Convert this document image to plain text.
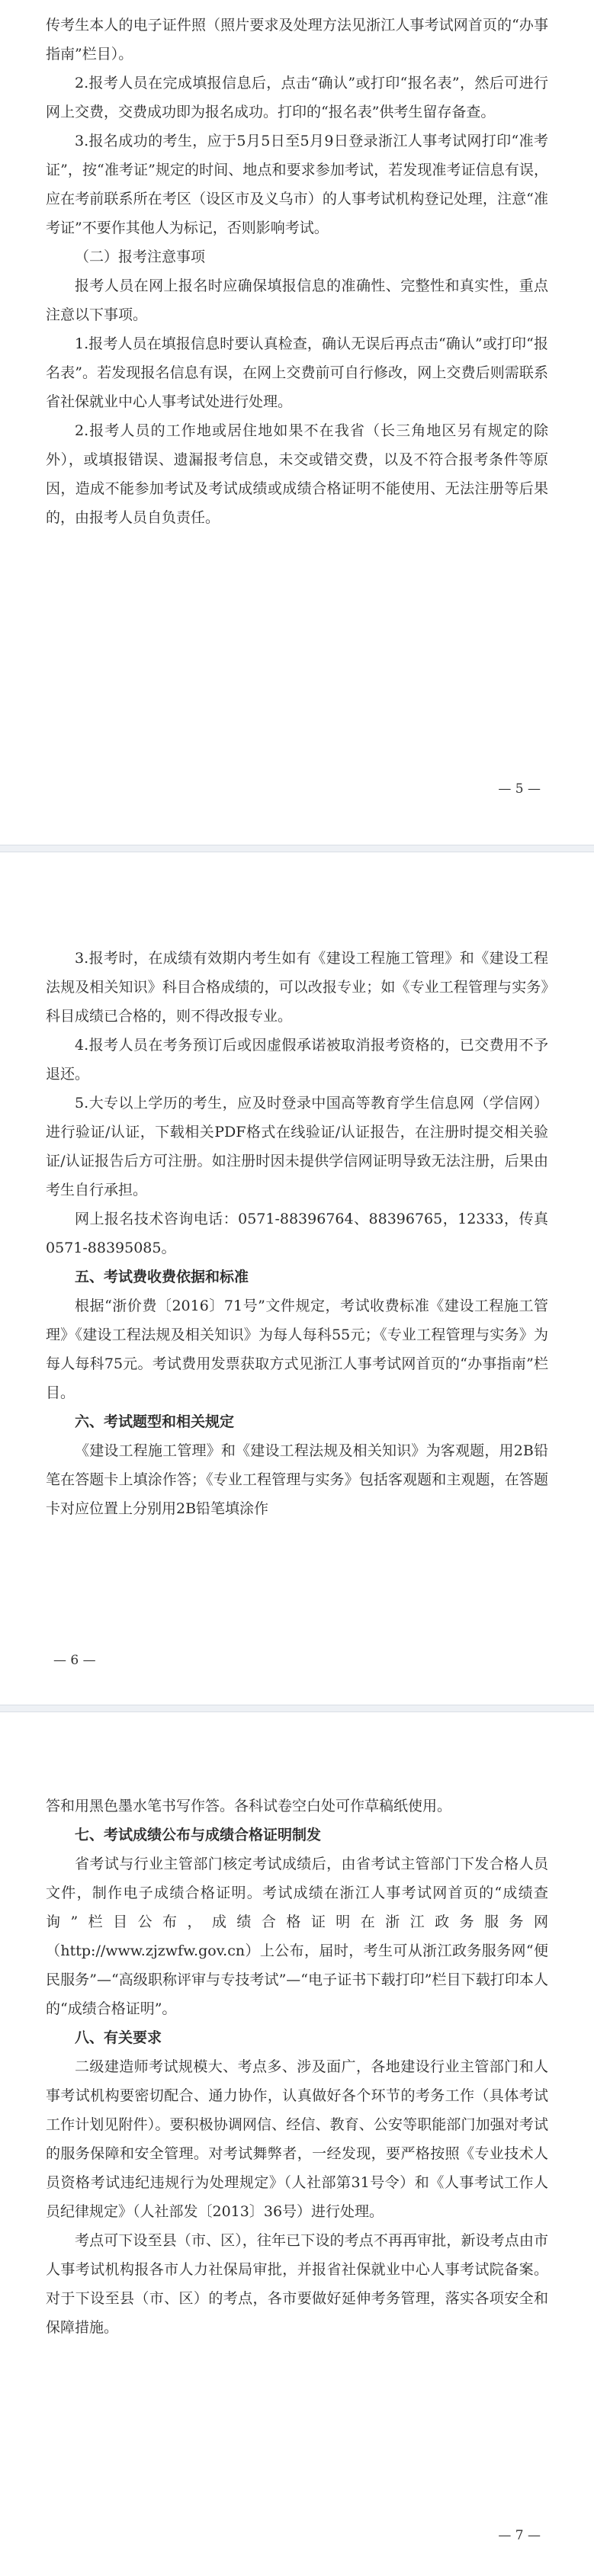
传考生本人的电子证件照（照片要求及处理方法见浙江人事考试网首页的“办事指南”栏目）。

2.报考人员在完成填报信息后，点击“确认”或打印“报名表”，然后可进行网上交费，交费成功即为报名成功。打印的“报名表”供考生留存备查。

3.报名成功的考生，应于5月5日至5月9日登录浙江人事考试网打印“准考证”，按“准考证”规定的时间、地点和要求参加考试，若发现准考证信息有误，应在考前联系所在考区（设区市及义乌市）的人事考试机构登记处理，注意“准考证”不要作其他人为标记，否则影响考试。

（二）报考注意事项

报考人员在网上报名时应确保填报信息的准确性、完整性和真实性，重点注意以下事项。

1.报考人员在填报信息时要认真检查，确认无误后再点击“确认”或打印“报名表”。若发现报名信息有误，在网上交费前可自行修改，网上交费后则需联系省社保就业中心人事考试处进行处理。

2.报考人员的工作地或居住地如果不在我省（长三角地区另有规定的除外），或填报错误、遗漏报考信息，未交或错交费，以及不符合报考条件等原因，造成不能参加考试及考试成绩或成绩合格证明不能使用、无法注册等后果的，由报考人员自负责任。

— 5 —

3.报考时，在成绩有效期内考生如有《建设工程施工管理》和《建设工程法规及相关知识》科目合格成绩的，可以改报专业；如《专业工程管理与实务》科目成绩已合格的，则不得改报专业。

4.报考人员在考务预订后或因虚假承诺被取消报考资格的，已交费用不予退还。

5.大专以上学历的考生，应及时登录中国高等教育学生信息网（学信网）进行验证/认证，下载相关PDF格式在线验证/认证报告，在注册时提交相关验证/认证报告后方可注册。如注册时因未提供学信网证明导致无法注册，后果由考生自行承担。

网上报名技术咨询电话：0571-88396764、88396765，12333，传真0571-88395085。

五、考试费收费依据和标准

根据“浙价费〔2016〕71号”文件规定，考试收费标准《建设工程施工管理》《建设工程法规及相关知识》为每人每科55元；《专业工程管理与实务》为每人每科75元。考试费用发票获取方式见浙江人事考试网首页的“办事指南”栏目。

六、考试题型和相关规定

《建设工程施工管理》和《建设工程法规及相关知识》为客观题，用2B铅笔在答题卡上填涂作答；《专业工程管理与实务》包括客观题和主观题，在答题卡对应位置上分别用2B铅笔填涂作

— 6 —

答和用黑色墨水笔书写作答。各科试卷空白处可作草稿纸使用。

七、考试成绩公布与成绩合格证明制发

省考试与行业主管部门核定考试成绩后，由省考试主管部门下发合格人员文件，制作电子成绩合格证明。考试成绩在浙江人事考试网首页的“成绩查询”栏目公布，成绩合格证明在浙江政务服务网（http://www.zjzwfw.gov.cn）上公布，届时，考生可从浙江政务服务网“便民服务”—“高级职称评审与专技考试”—“电子证书下载打印”栏目下载打印本人的“成绩合格证明”。

八、有关要求

二级建造师考试规模大、考点多、涉及面广，各地建设行业主管部门和人事考试机构要密切配合、通力协作，认真做好各个环节的考务工作（具体考试工作计划见附件）。要积极协调网信、经信、教育、公安等职能部门加强对考试的服务保障和安全管理。对考试舞弊者，一经发现，要严格按照《专业技术人员资格考试违纪违规行为处理规定》（人社部第31号令）和《人事考试工作人员纪律规定》（人社部发〔2013〕36号）进行处理。

考点可下设至县（市、区），往年已下设的考点不再再审批，新设考点由市人事考试机构报各市人力社保局审批，并报省社保就业中心人事考试院备案。对于下设至县（市、区）的考点，各市要做好延伸考务管理，落实各项安全和保障措施。

— 7 —
